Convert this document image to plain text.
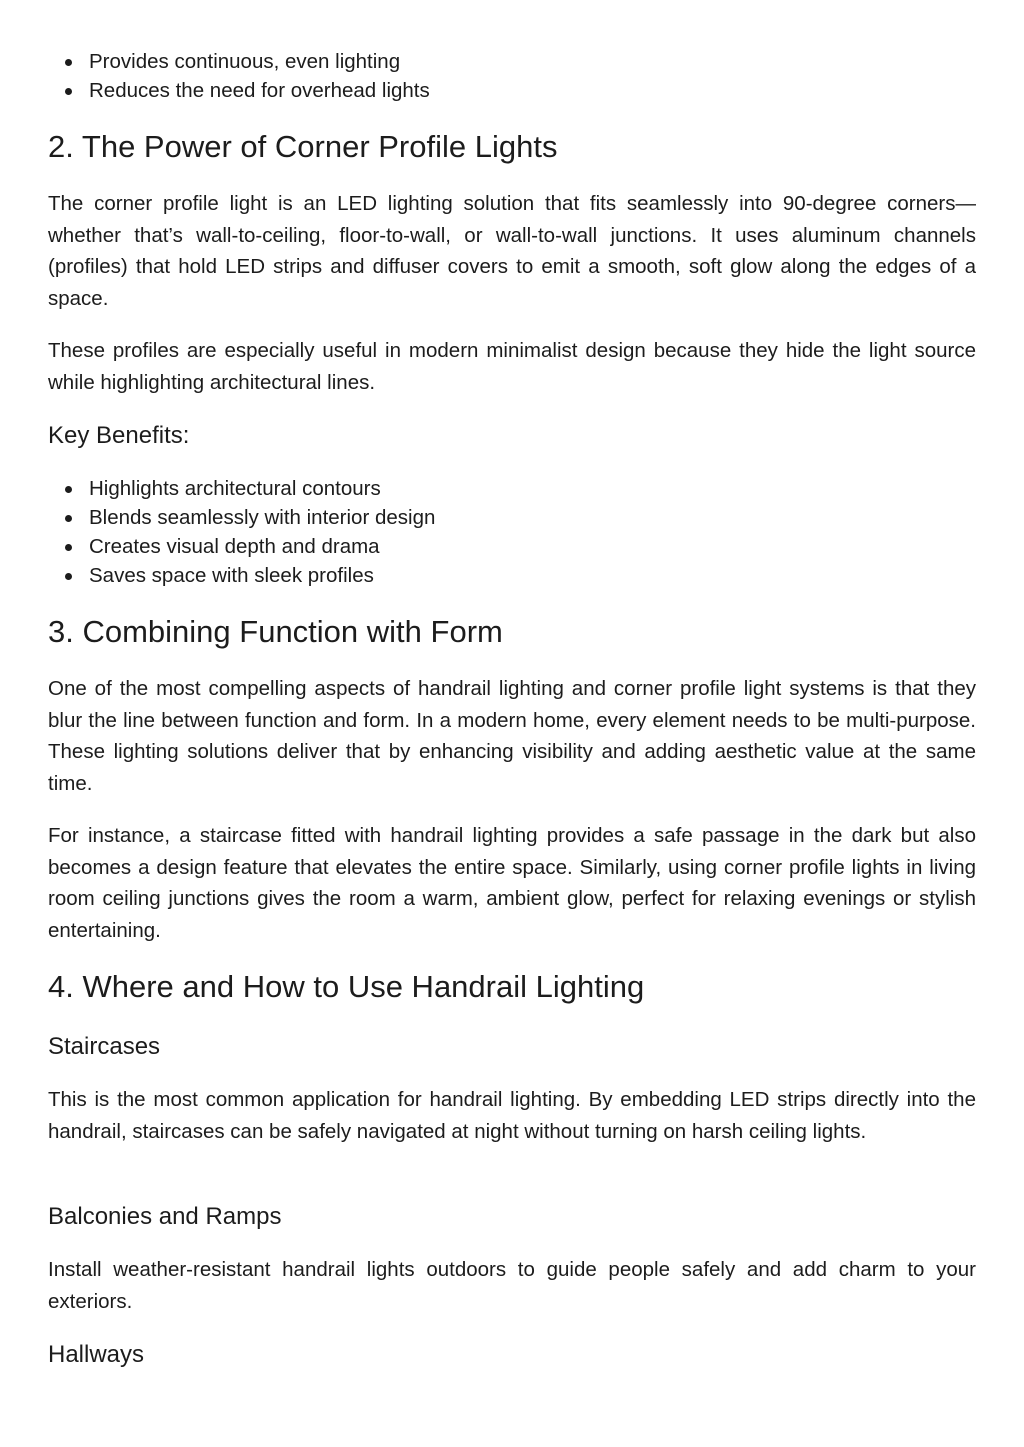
Provides continuous, even lighting
Reduces the need for overhead lights
2. The Power of Corner Profile Lights

The corner profile light is an LED lighting solution that fits seamlessly into 90-degree corners—whether that’s wall-to-ceiling, floor-to-wall, or wall-to-wall junctions. It uses aluminum channels (profiles) that hold LED strips and diffuser covers to emit a smooth, soft glow along the edges of a space.

These profiles are especially useful in modern minimalist design because they hide the light source while highlighting architectural lines.

Key Benefits:
Highlights architectural contours
Blends seamlessly with interior design
Creates visual depth and drama
Saves space with sleek profiles
3. Combining Function with Form

One of the most compelling aspects of handrail lighting and corner profile light systems is that they blur the line between function and form. In a modern home, every element needs to be multi-purpose. These lighting solutions deliver that by enhancing visibility and adding aesthetic value at the same time.

For instance, a staircase fitted with handrail lighting provides a safe passage in the dark but also becomes a design feature that elevates the entire space. Similarly, using corner profile lights in living room ceiling junctions gives the room a warm, ambient glow, perfect for relaxing evenings or stylish entertaining.

4. Where and How to Use Handrail Lighting
Staircases

This is the most common application for handrail lighting. By embedding LED strips directly into the handrail, staircases can be safely navigated at night without turning on harsh ceiling lights.

Balconies and Ramps

Install weather-resistant handrail lights outdoors to guide people safely and add charm to your exteriors.

Hallways
